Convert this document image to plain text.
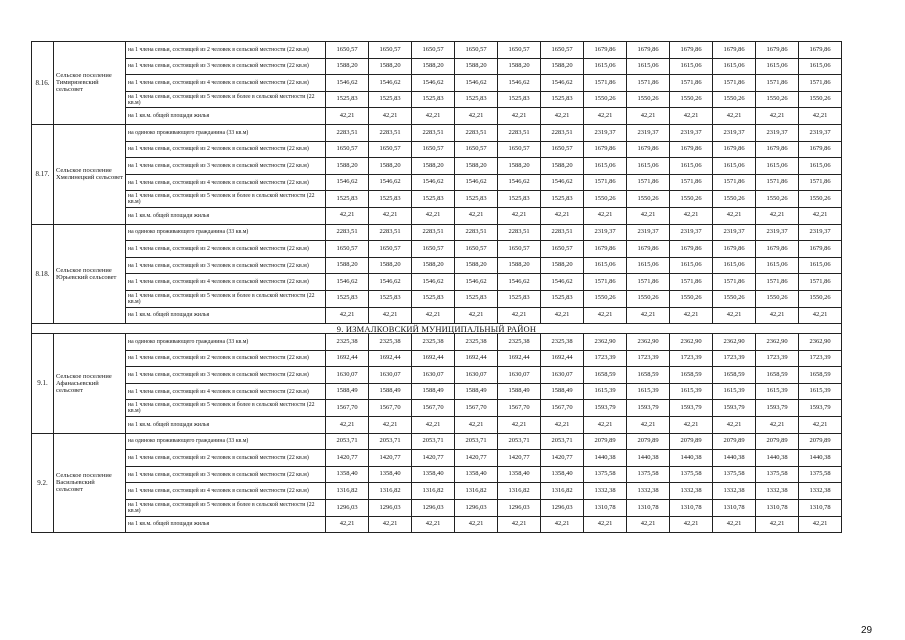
8.16.	Сельское поселение Тимирязевский сельсовет	на 1 члена семьи, состоящей из 2 человек в сельской местности (22 кв.м)	1650,57	1650,57	1650,57	1650,57	1650,57	1650,57	1679,86	1679,86	1679,86	1679,86	1679,86	1679,86
		на 1 члена семьи, состоящей из 3 человек в сельской местности (22 кв.м)	1588,20	1588,20	1588,20	1588,20	1588,20	1588,20	1615,06	1615,06	1615,06	1615,06	1615,06	1615,06
		на 1 члена семьи, состоящей из 4 человек в сельской местности (22 кв.м)	1546,62	1546,62	1546,62	1546,62	1546,62	1546,62	1571,86	1571,86	1571,86	1571,86	1571,86	1571,86
		на 1 члена семьи, состоящей из 5 человек и более в сельской местности (22 кв.м)	1525,83	1525,83	1525,83	1525,83	1525,83	1525,83	1550,26	1550,26	1550,26	1550,26	1550,26	1550,26
		на 1 кв.м. общей площади жилья	42,21	42,21	42,21	42,21	42,21	42,21	42,21	42,21	42,21	42,21	42,21	42,21
8.17.	Сельское поселение Хмелинецкий сельсовет	на одиноко проживающего гражданина (33 кв.м)	2283,51	2283,51	2283,51	2283,51	2283,51	2283,51	2319,37	2319,37	2319,37	2319,37	2319,37	2319,37
		на 1 члена семьи, состоящей из 2 человек в сельской местности (22 кв.м)	1650,57	1650,57	1650,57	1650,57	1650,57	1650,57	1679,86	1679,86	1679,86	1679,86	1679,86	1679,86
		на 1 члена семьи, состоящей из 3 человек в сельской местности (22 кв.м)	1588,20	1588,20	1588,20	1588,20	1588,20	1588,20	1615,06	1615,06	1615,06	1615,06	1615,06	1615,06
		на 1 члена семьи, состоящей из 4 человек в сельской местности (22 кв.м)	1546,62	1546,62	1546,62	1546,62	1546,62	1546,62	1571,86	1571,86	1571,86	1571,86	1571,86	1571,86
		на 1 члена семьи, состоящей из 5 человек и более в сельской местности (22 кв.м)	1525,83	1525,83	1525,83	1525,83	1525,83	1525,83	1550,26	1550,26	1550,26	1550,26	1550,26	1550,26
		на 1 кв.м. общей площади жилья	42,21	42,21	42,21	42,21	42,21	42,21	42,21	42,21	42,21	42,21	42,21	42,21
8.18.	Сельское поселение Юрьевский сельсовет	на одиноко проживающего гражданина (33 кв.м)	2283,51	2283,51	2283,51	2283,51	2283,51	2283,51	2319,37	2319,37	2319,37	2319,37	2319,37	2319,37
		на 1 члена семьи, состоящей из 2 человек в сельской местности (22 кв.м)	1650,57	1650,57	1650,57	1650,57	1650,57	1650,57	1679,86	1679,86	1679,86	1679,86	1679,86	1679,86
		на 1 члена семьи, состоящей из 3 человек в сельской местности (22 кв.м)	1588,20	1588,20	1588,20	1588,20	1588,20	1588,20	1615,06	1615,06	1615,06	1615,06	1615,06	1615,06
		на 1 члена семьи, состоящей из 4 человек в сельской местности (22 кв.м)	1546,62	1546,62	1546,62	1546,62	1546,62	1546,62	1571,86	1571,86	1571,86	1571,86	1571,86	1571,86
		на 1 члена семьи, состоящей из 5 человек и более в сельской местности (22 кв.м)	1525,83	1525,83	1525,83	1525,83	1525,83	1525,83	1550,26	1550,26	1550,26	1550,26	1550,26	1550,26
		на 1 кв.м. общей площади жилья	42,21	42,21	42,21	42,21	42,21	42,21	42,21	42,21	42,21	42,21	42,21	42,21
9. ИЗМАЛКОВСКИЙ МУНИЦИПАЛЬНЫЙ РАЙОН														
9.1.	Сельское поселение Афанасьевский сельсовет	на одиноко проживающего гражданина (33 кв.м)	2325,38	2325,38	2325,38	2325,38	2325,38	2325,38	2362,90	2362,90	2362,90	2362,90	2362,90	2362,90
		на 1 члена семьи, состоящей из 2 человек в сельской местности (22 кв.м)	1692,44	1692,44	1692,44	1692,44	1692,44	1692,44	1723,39	1723,39	1723,39	1723,39	1723,39	1723,39
		на 1 члена семьи, состоящей из 3 человек в сельской местности (22 кв.м)	1630,07	1630,07	1630,07	1630,07	1630,07	1630,07	1658,59	1658,59	1658,59	1658,59	1658,59	1658,59
		на 1 члена семьи, состоящей из 4 человек в сельской местности (22 кв.м)	1588,49	1588,49	1588,49	1588,49	1588,49	1588,49	1615,39	1615,39	1615,39	1615,39	1615,39	1615,39
		на 1 члена семьи, состоящей из 5 человек и более в сельской местности (22 кв.м)	1567,70	1567,70	1567,70	1567,70	1567,70	1567,70	1593,79	1593,79	1593,79	1593,79	1593,79	1593,79
		на 1 кв.м. общей площади жилья	42,21	42,21	42,21	42,21	42,21	42,21	42,21	42,21	42,21	42,21	42,21	42,21
9.2.	Сельское поселение Васильевский сельсовет	на одиноко проживающего гражданина (33 кв.м)	2053,71	2053,71	2053,71	2053,71	2053,71	2053,71	2079,89	2079,89	2079,89	2079,89	2079,89	2079,89
		на 1 члена семьи, состоящей из 2 человек в сельской местности (22 кв.м)	1420,77	1420,77	1420,77	1420,77	1420,77	1420,77	1440,38	1440,38	1440,38	1440,38	1440,38	1440,38
		на 1 члена семьи, состоящей из 3 человек в сельской местности (22 кв.м)	1358,40	1358,40	1358,40	1358,40	1358,40	1358,40	1375,58	1375,58	1375,58	1375,58	1375,58	1375,58
		на 1 члена семьи, состоящей из 4 человек в сельской местности (22 кв.м)	1316,82	1316,82	1316,82	1316,82	1316,82	1316,82	1332,38	1332,38	1332,38	1332,38	1332,38	1332,38
		на 1 члена семьи, состоящей из 5 человек и более в сельской местности (22 кв.м)	1296,03	1296,03	1296,03	1296,03	1296,03	1296,03	1310,78	1310,78	1310,78	1310,78	1310,78	1310,78
		на 1 кв.м. общей площади жилья	42,21	42,21	42,21	42,21	42,21	42,21	42,21	42,21	42,21	42,21	42,21	42,21
29
